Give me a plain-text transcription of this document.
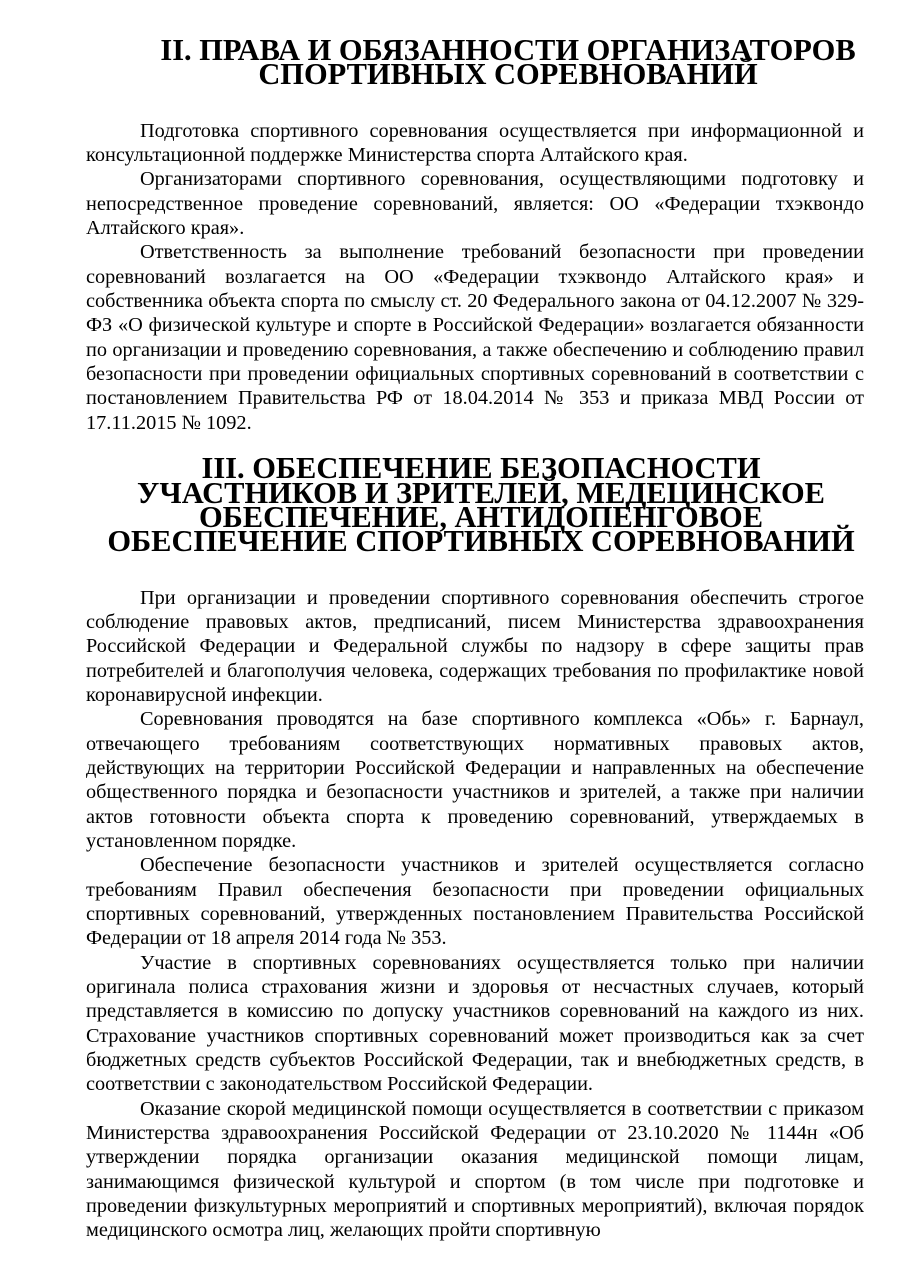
II. ПРАВА И ОБЯЗАННОСТИ ОРГАНИЗАТОРОВ СПОРТИВНЫХ СОРЕВНОВАНИЙ

Подготовка спортивного соревнования осуществляется при информационной и консультационной поддержке Министерства спорта Алтайского края.

Организаторами спортивного соревнования, осуществляющими подготовку и непосредственное проведение соревнований, является: ОО «Федерации тхэквондо Алтайского края».

Ответственность за выполнение требований безопасности при проведении соревнований возлагается на ОО «Федерации тхэквондо Алтайского края» и собственника объекта спорта по смыслу ст. 20 Федерального закона от 04.12.2007 № 329-ФЗ «О физической культуре и спорте в Российской Федерации» возлагается обязанности по организации и проведению соревнования, а также обеспечению и соблюдению правил безопасности при проведении официальных спортивных соревнований в соответствии с постановлением Правительства РФ от 18.04.2014 № 353 и приказа МВД России от 17.11.2015 № 1092.

III. ОБЕСПЕЧЕНИЕ БЕЗОПАСНОСТИ УЧАСТНИКОВ И ЗРИТЕЛЕЙ, МЕДЕЦИНСКОЕ ОБЕСПЕЧЕНИЕ, АНТИДОПЕНГОВОЕ ОБЕСПЕЧЕНИЕ СПОРТИВНЫХ СОРЕВНОВАНИЙ

При организации и проведении спортивного соревнования обеспечить строгое соблюдение правовых актов, предписаний, писем Министерства здравоохранения Российской Федерации и Федеральной службы по надзору в сфере защиты прав потребителей и благополучия человека, содержащих требования по профилактике новой коронавирусной инфекции.

Соревнования проводятся на базе спортивного комплекса «Обь» г. Барнаул, отвечающего требованиям соответствующих нормативных правовых актов, действующих на территории Российской Федерации и направленных на обеспечение общественного порядка и безопасности участников и зрителей, а также при наличии актов готовности объекта спорта к проведению соревнований, утверждаемых в установленном порядке.

Обеспечение безопасности участников и зрителей осуществляется согласно требованиям Правил обеспечения безопасности при проведении официальных спортивных соревнований, утвержденных постановлением Правительства Российской Федерации от 18 апреля 2014 года № 353.

Участие в спортивных соревнованиях осуществляется только при наличии оригинала полиса страхования жизни и здоровья от несчастных случаев, который представляется в комиссию по допуску участников соревнований на каждого из них. Страхование участников спортивных соревнований может производиться как за счет бюджетных средств субъектов Российской Федерации, так и внебюджетных средств, в соответствии с законодательством Российской Федерации.

Оказание скорой медицинской помощи осуществляется в соответствии с приказом Министерства здравоохранения Российской Федерации от 23.10.2020 № 1144н «Об утверждении порядка организации оказания медицинской помощи лицам, занимающимся физической культурой и спортом (в том числе при подготовке и проведении физкультурных мероприятий и спортивных мероприятий), включая порядок медицинского осмотра лиц, желающих пройти спортивную
